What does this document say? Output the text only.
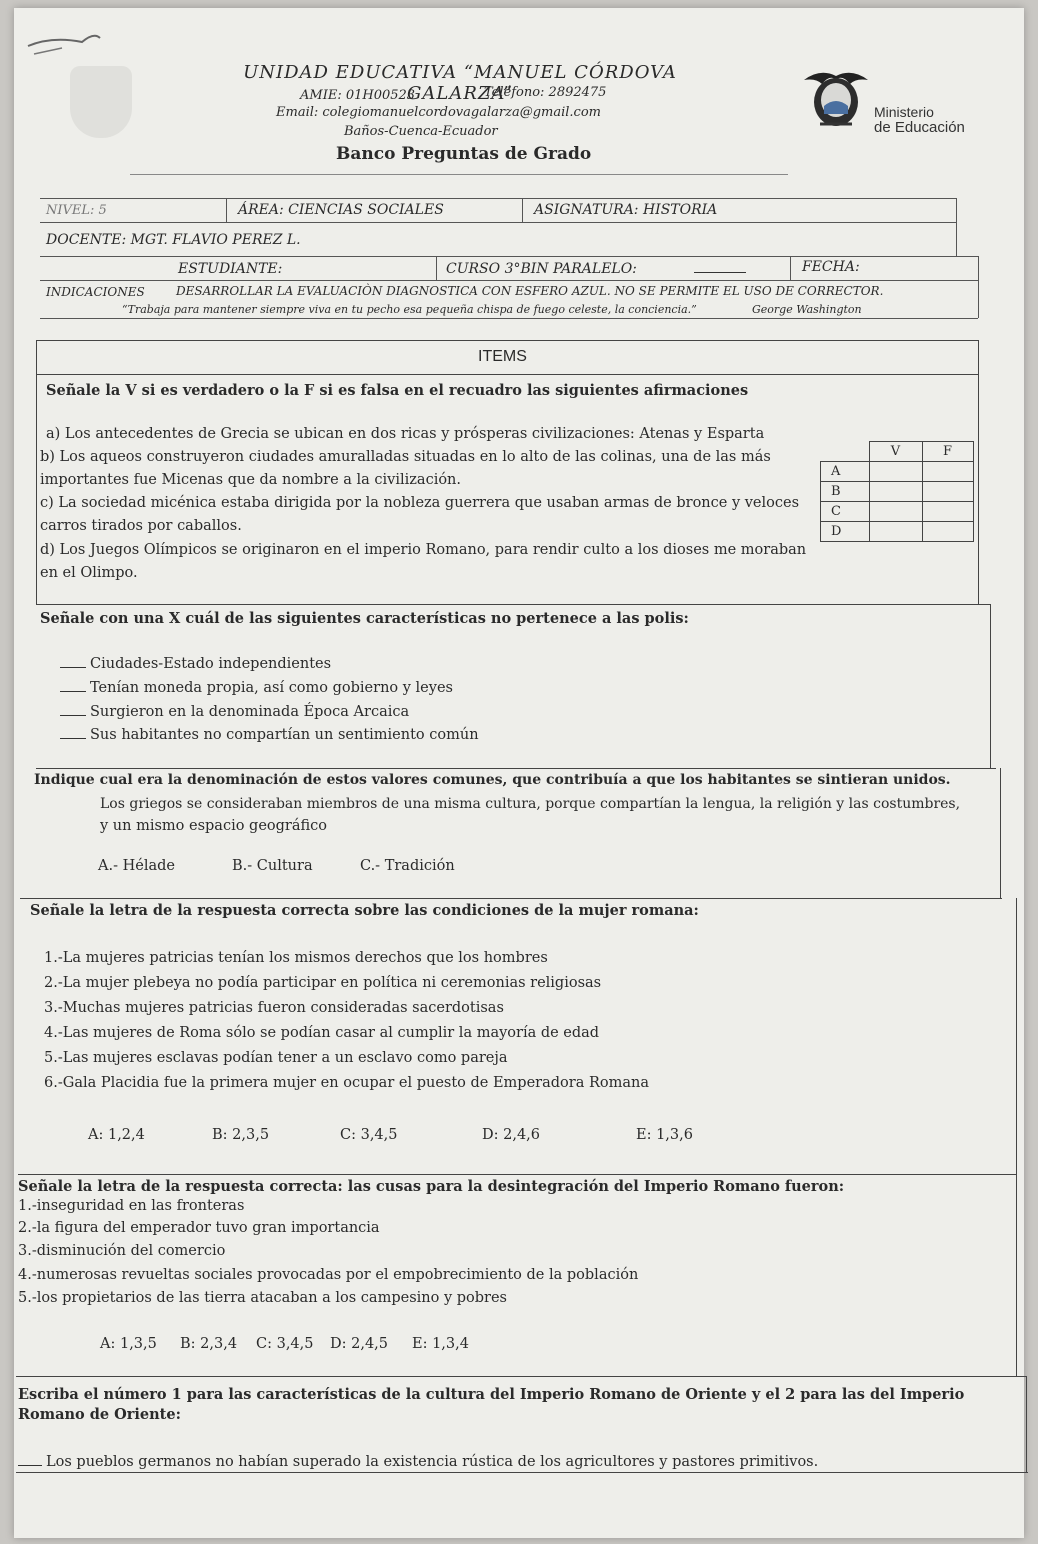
UNIDAD EDUCATIVA “MANUEL CÓRDOVA GALARZA”
AMIE: 01H00523	Teléfono: 2892475
Email: colegiomanuelcordovagalarza@gmail.com
Baños-Cuenca-Ecuador
Banco Preguntas de Grado
Ministerio
de Educación
NIVEL: 5	ÁREA: CIENCIAS SOCIALES	ASIGNATURA: HISTORIA
DOCENTE: MGT. FLAVIO PEREZ L.
ESTUDIANTE:	CURSO 3°BIN PARALELO:	FECHA:
INDICACIONES	DESARROLLAR LA EVALUACIÒN DIAGNOSTICA CON ESFERO AZUL. NO SE PERMITE EL USO DE CORRECTOR.
“Trabaja para mantener siempre viva en tu pecho esa pequeña chispa de fuego celeste, la conciencia.”	George Washington
ITEMS
Señale la V si es verdadero o la F si es falsa en el recuadro las siguientes afirmaciones
a) Los antecedentes de Grecia se ubican en dos ricas y prósperas civilizaciones: Atenas y Esparta
b) Los aqueos construyeron ciudades amuralladas situadas en lo alto de las colinas, una de las más
importantes fue Micenas que da nombre a la civilización.
c) La sociedad micénica estaba dirigida por la nobleza guerrera que usaban armas de bronce y veloces
carros tirados por caballos.
d) Los Juegos Olímpicos se originaron en el imperio Romano, para rendir culto a los dioses me moraban
en el Olimpo.
	V	F
A		
B		
C		
D		
Señale con una X cuál de las siguientes características no pertenece a las polis:
Ciudades-Estado independientes
Tenían moneda propia, así como gobierno y leyes
Surgieron en la denominada Época Arcaica
Sus habitantes no compartían un sentimiento común
Indique cual era la denominación de estos valores comunes, que contribuía a que los habitantes se sintieran unidos.
Los griegos se consideraban miembros de una misma cultura, porque compartían la lengua, la religión y las costumbres,
y un mismo espacio geográfico
A.- Hélade	B.- Cultura	C.- Tradición
Señale la letra de la respuesta correcta sobre las condiciones de la mujer romana:
1.-La mujeres patricias tenían los mismos derechos que los hombres
2.-La mujer plebeya no podía participar en política ni ceremonias religiosas
3.-Muchas mujeres patricias fueron consideradas sacerdotisas
4.-Las mujeres de Roma sólo se podían casar al cumplir la mayoría de edad
5.-Las mujeres esclavas podían tener a un esclavo como pareja
6.-Gala Placidia fue la primera mujer en ocupar el puesto de Emperadora Romana
A: 1,2,4	B: 2,3,5	C: 3,4,5	D: 2,4,6	E: 1,3,6
Señale la letra de la respuesta correcta: las cusas para la desintegración del Imperio Romano fueron:
1.-inseguridad en las fronteras
2.-la figura del emperador tuvo gran importancia
3.-disminución del comercio
4.-numerosas revueltas sociales provocadas por el empobrecimiento de la población
5.-los propietarios de las tierra atacaban a los campesino y pobres
A: 1,3,5 B: 2,3,4 C: 3,4,5 D: 2,4,5 E: 1,3,4
Escriba el número 1 para las características de la cultura del Imperio Romano de Oriente y el 2 para las del Imperio
Romano de Oriente:
Los pueblos germanos no habían superado la existencia rústica de los agricultores y pastores primitivos.
